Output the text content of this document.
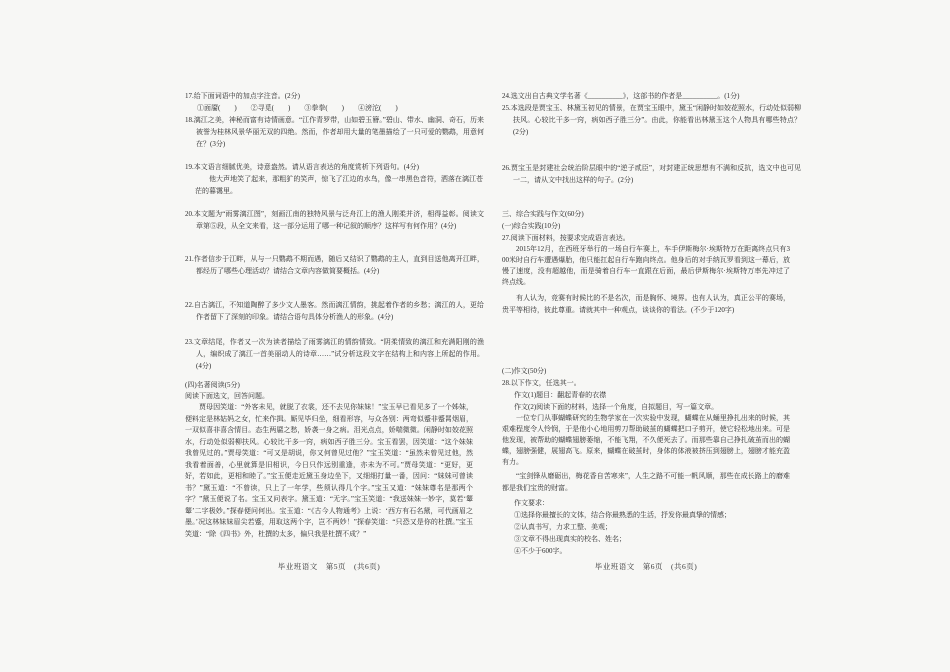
17.给下面词语中的加点字注音。(2分)

①面靥(　　)　　②寻觅(　　)　　③拳拳(　　)　　④滂沱(　　)

18.漓江之美，神秘而富有诗情画意。“江作青罗带，山如碧玉簪。”碧山、带水、幽洞、奇石，历来被誉为桂林风景华丽无双的四绝。然而，作者却用大量的笔墨描绘了一只可爱的鹦鹉，用意何在？(3分)

19.本文语言细腻优美，诗意盎然。请从语言表达的角度赏析下列语句。(4分)

他大声地笑了起来，那粗犷的笑声，惊飞了江边的水鸟，像一串黑色音符，洒落在漓江苍茫的暮霭里。

20.本文题为“雨雾漓江图”，刻画江南的独特风景与泛舟江上的渔人刚柔并济，相得益彰。阅读文章第⑤段，从全文来看，这一部分运用了哪一种记叙的顺序？这样写有何作用？(4分)

21.作者信步于江畔，从与一只鹦鹉不期而遇，随后又结识了鹦鹉的主人，直到目送他离开江畔，都经历了哪些心理活动？请结合文章内容做简要概括。(4分)

22.自古漓江，不知道陶醉了多少文人墨客。然而漓江情韵，挑起着作者的乡愁；漓江的人，更给作者留下了深刻的印象。请结合语句具体分析渔人的形象。(4分)

23.文章结尾，作者又一次为读者描绘了雨雾漓江的情韵情致。“阴柔情致的漓江和充满阳刚的渔人，编织成了漓江一首美丽动人的诗章……”试分析这段文字在结构上和内容上所起的作用。(4分)

(四)名著阅读(5分)

阅读下面选文，回答问题。

贾母因笑道：“外客未见，就脱了衣裳，还不去见你妹妹！”宝玉早已看见多了一个姊妹，便料定是林姑妈之女，忙来作揖。厮见毕归坐，细看形容，与众各别：两弯似蹙非蹙罥烟眉，一双似喜非喜含情目。态生两靥之愁，娇袭一身之病。泪光点点，娇喘微微。闲静时如姣花照水，行动处似弱柳扶风。心较比干多一窍，病如西子胜三分。宝玉看罢，因笑道：“这个妹妹我曾见过的。”贾母笑道：“可又是胡说，你又何曾见过他？”宝玉笑道：“虽然未曾见过他，然我看着面善，心里就算是旧相识，今日只作远别重逢，亦未为不可。”贾母笑道：“更好，更好，若如此，更相和睦了。”宝玉便走近黛玉身边坐下，又细细打量一番，因问：“妹妹可曾读书？”黛玉道：“不曾读，只上了一年学，些须认得几个字。”宝玉又道：“妹妹尊名是那两个字？”黛玉便说了名。宝玉又问表字。黛玉道：“无字。”宝玉笑道：“我送妹妹一妙字，莫若‘颦颦’二字极妙。”探春便问何出。宝玉道：“《古今人物通考》上说：‘西方有石名黛，可代画眉之墨。’况这林妹妹眉尖若蹙，用取这两个字，岂不两妙！”探春笑道：“只恐又是你的杜撰。”宝玉笑道：“除《四书》外，杜撰的太多，偏只我是杜撰不成？”

毕业班语文　第5页　(共6页)

24.选文出自古典文学名著《__________》，这部书的作者是__________。(1分)

25.本选段是贾宝玉、林黛玉初见的情景，在贾宝玉眼中，黛玉“闲静时如姣花照水，行动处似弱柳扶风。心较比干多一窍，病如西子胜三分”。由此，你能看出林黛玉这个人物具有哪些特点？(2分)

26.贾宝玉是封建社会统治阶层眼中的“逆子贰臣”，对封建正统思想有不满和反抗，选文中也可见一二，请从文中找出这样的句子。(2分)

三、综合实践与作文(60分)

(一)综合实践(10分)

27.阅读下面材料，按要求完成语言表达。

2015年12月，在西班牙举行的一场自行车赛上，车手伊斯梅尔·埃斯特万在距离终点只有300米时自行车遭遇爆胎，他只能扛起自行车跑向终点。他身后的对手纳瓦罗看到这一幕后，放慢了速度，没有超越他，而是骑着自行车一直跟在后面，最后伊斯梅尔·埃斯特万率先冲过了终点线。

有人认为，竞赛有时候比的不是名次，而是胸怀、境界。也有人认为，真正公平的赛场，贵平等相待，彼此尊重。请就其中一种观点，谈谈你的看法。(不少于120字)

(二)作文(50分)

28.以下作文，任选其一。

作文(1)题目：翻起青春的衣襟

作文(2)阅读下面的材料，选择一个角度，自拟题目，写一篇文章。

一位专门从事蝴蝶研究的生物学家在一次实验中发现，蝴蝶在从蛹里挣扎出来的时候，其艰难程度令人怜悯，于是他小心地用剪刀帮助破茧的蝴蝶把口子剪开，使它轻松地出来。可是他发现，被帮助的蝴蝶翅膀萎缩，不能飞翔，不久便死去了。而那些靠自己挣扎破茧而出的蝴蝶，翅膀强健，展翅高飞。原来，蝴蝶在破茧时，身体的体液被挤压到翅膀上，翅膀才能充盈有力。

“宝剑锋从磨砺出，梅花香自苦寒来”，人生之路不可能一帆风顺，那些在成长路上的磨难都是我们宝贵的财富。

作文要求：

①选择你最擅长的文体，结合你最熟悉的生活，抒发你最真挚的情感；

②认真书写，力求工整、美观；

③文章不得出现真实的校名、姓名；

④不少于600字。

毕业班语文　第6页　(共6页)
